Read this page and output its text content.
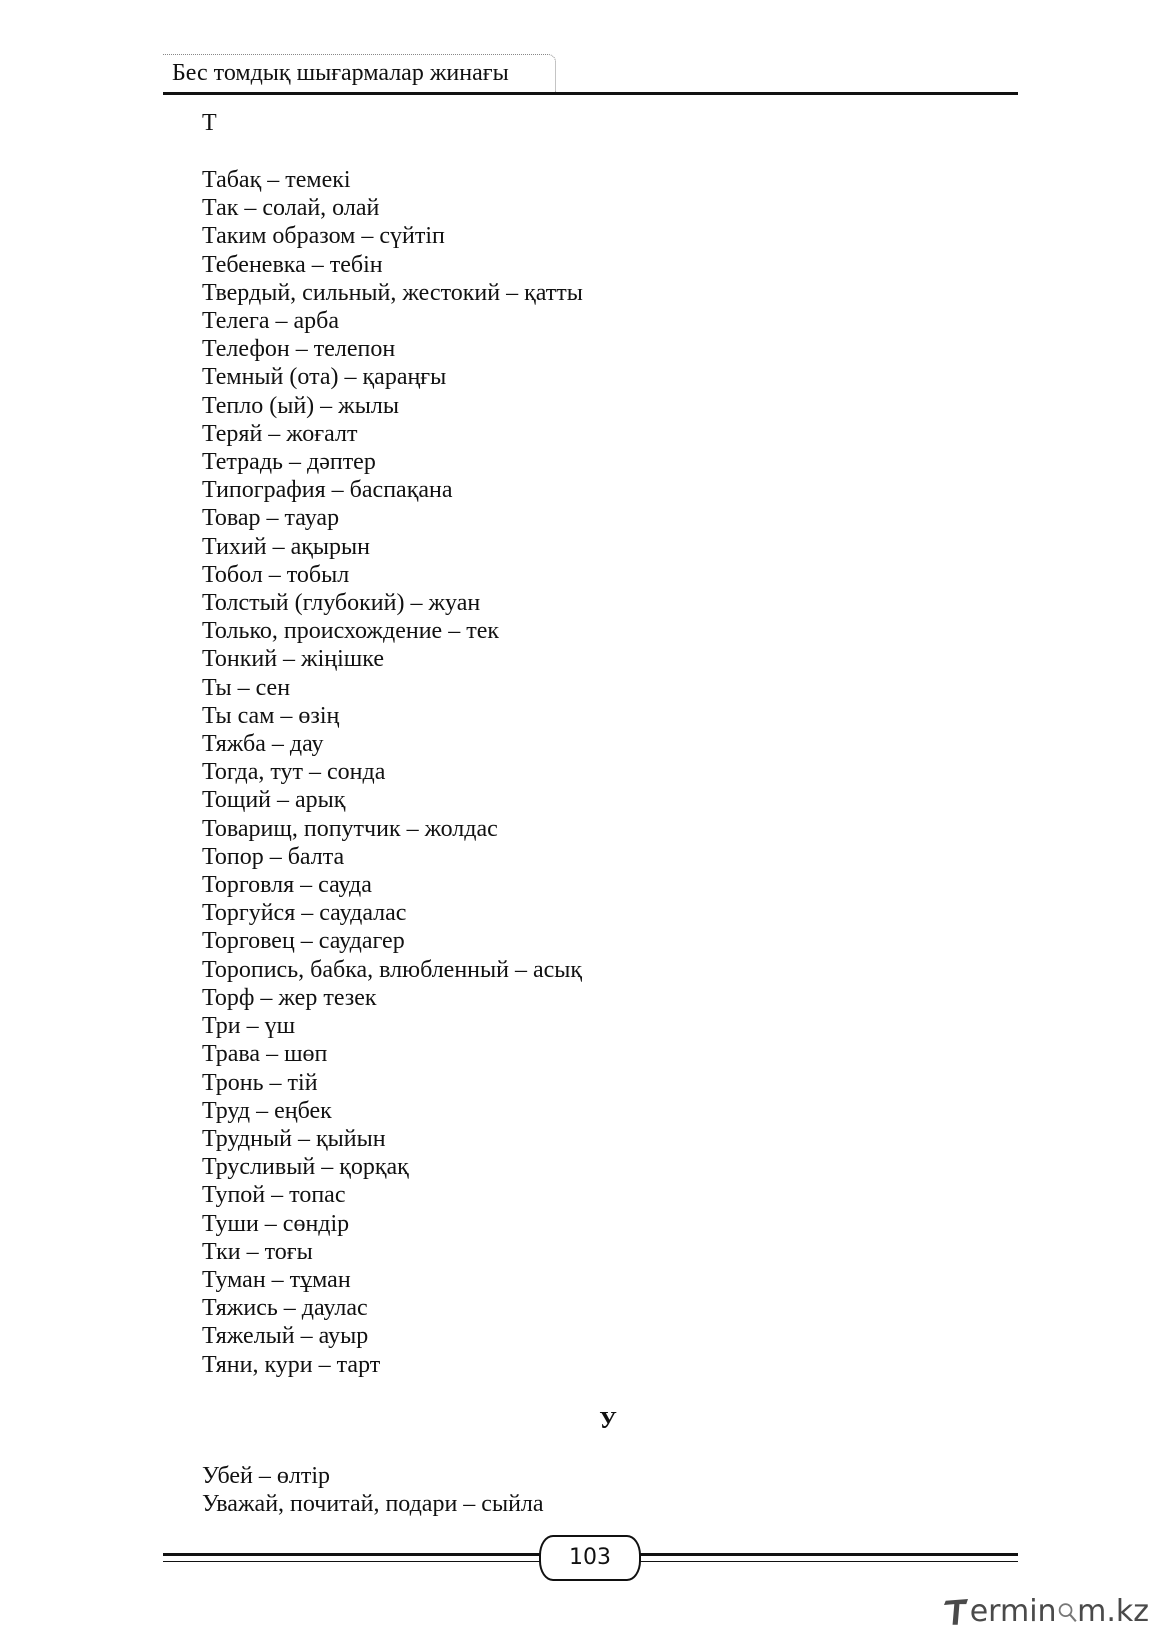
Бес томдық шығармалар жинағы
Т
Табақ – темекі
Так – солай, олай
Таким образом – сүйтіп
Тебеневка – тебін
Твердый, сильный, жестокий – қатты
Телега – арба
Телефон – телепон
Темный (ота) – қараңғы
Тепло (ый) – жылы
Теряй – жоғалт
Тетрадь – дәптер
Типография – баспақана
Товар – тауар
Тихий – ақырын
Тобол – тобыл
Толстый (глубокий) – жуан
Только, происхождение – тек
Тонкий – жіңішке
Ты – сен
Ты сам – өзің
Тяжба – дау
Тогда, тут – сонда
Тощий – арық
Товарищ, попутчик – жолдас
Топор – балта
Торговля – сауда
Торгуйся – саудалас
Торговец – саудагер
Торопись, бабка, влюбленный – асық
Торф – жер тезек
Три – үш
Трава – шөп
Тронь – тій
Труд – еңбек
Трудный – қыйын
Трусливый – қорқақ
Тупой – топас
Туши – сөндір
Тки – тоғы
Туман – тұман
Тяжись – даулас
Тяжелый – ауыр
Тяни, кури – тарт
У
Убей – өлтір
Уважай, почитай, подари – сыйла
103
ermin m.kz
